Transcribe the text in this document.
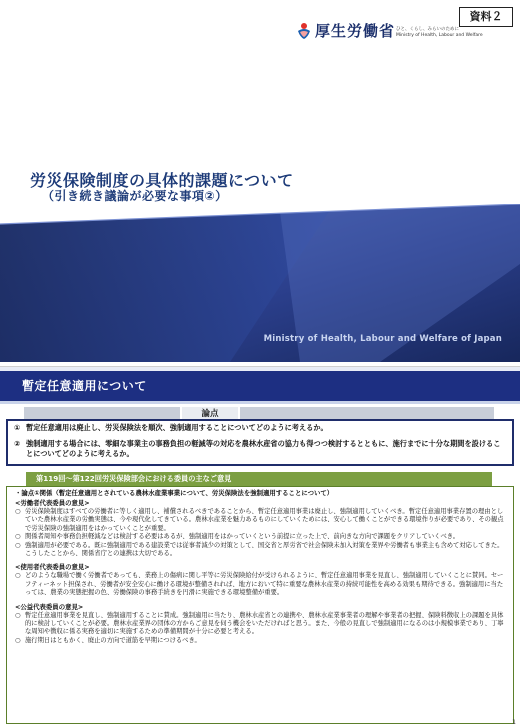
資料２
厚生労働省 ひと、くらし、みらいのために
Ministry of Health, Labour and Welfare
労災保険制度の具体的課題について
（引き続き議論が必要な事項②）
Ministry of Health, Labour and Welfare of Japan
暫定任意適用について
論点
① 暫定任意適用は廃止し、労災保険法を順次、強制適用することについてどのように考えるか。
② 強制適用する場合には、零細な事業主の事務負担の軽減等の対応を農林水産省の協力も得つつ検討するとともに、施行までに十分な期間を設けることについてどのように考えるか。
第119回～第122回労災保険部会における委員の主なご意見
・論点①関係（暫定任意適用とされている農林水産業事業について、労災保険法を強制適用することについて）
<労働者代表委員の意見>
○ 労災保険制度はすべての労働者に等しく適用し、補償されるべきであることから、暫定任意適用事業は廃止し、強制適用していくべき。暫定任意適用事業存置の理由としていた農林水産業の労働実態は、今や現代化してきている。農林水産業を魅力あるものにしていくためには、安心して働くことができる環境作りが必要であり、その観点で労災保険の強制適用をはかっていくことが重要。
○ 関係者周知や事務負担軽減などは検討する必要はあるが、強制適用をはかっていくという前提に立った上で、前向きな方向で課題をクリアしていくべき。
○ 強制適用が必要である。既に強制適用である建設業では従事者減少の対策として、国交省と厚労省で社会保険未加入対策を業界や労働者も事業主も含めて対応してきた。こうしたことから、関係省庁との連携は大切である。
<使用者代表委員の意見>
○ どのような職場で働く労働者であっても、業務上の傷病に関し平等に労災保険給付が受けられるように、暫定任意適用事業を見直し、強制適用していくことに賛同。セーフティーネット担保され、労働者が安全安心に働ける環境が整備されれば、地方において特に重要な農林水産業の持続可能性を高める効果も期待できる。強制適用に当たっては、農業の実態把握の色、労働保険の事務手続きを円滑に実施できる環境整備が重要。
<公益代表委員の意見>
○ 暫定任意適用事業を見直し、強制適用することに賛成。強制適用に当たり、農林水産省との連携や、農林水産業事業者の理解や事業者の把握、保険料徴収上の課題を具体的に検討していくことが必要。農林水産業界の団体の方からご意見を伺う機会をいただければと思う。また、今般の見直しで強制適用になるのは小規模事業であり、丁寧な周知や徴収に係る実務を適切に実施するための準備期間が十分に必要と考える。
○ 施行期日はともかく、廃止の方向で道筋を早期につけるべき。
1
